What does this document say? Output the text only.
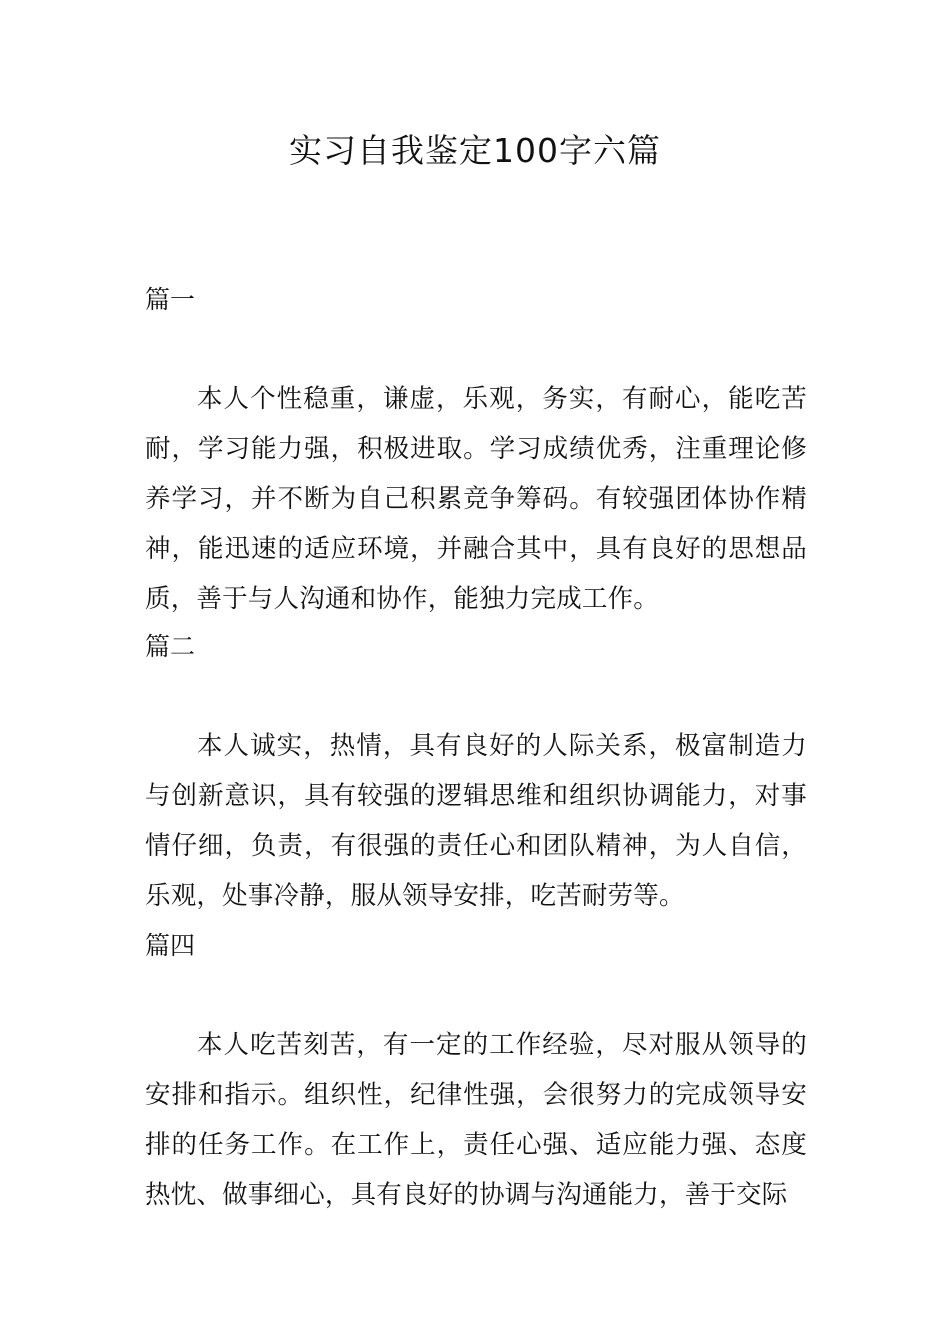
实习自我鉴定100字六篇

篇一

本人个性稳重，谦虚，乐观，务实，有耐心，能吃苦耐，学习能力强，积极进取。学习成绩优秀，注重理论修养学习，并不断为自己积累竞争筹码。有较强团体协作精神，能迅速的适应环境，并融合其中，具有良好的思想品质，善于与人沟通和协作，能独力完成工作。

篇二

本人诚实，热情，具有良好的人际关系，极富制造力与创新意识，具有较强的逻辑思维和组织协调能力，对事情仔细，负责，有很强的责任心和团队精神，为人自信，乐观，处事冷静，服从领导安排，吃苦耐劳等。

篇四

本人吃苦刻苦，有一定的工作经验，尽对服从领导的安排和指示。组织性，纪律性强，会很努力的完成领导安排的任务工作。在工作上，责任心强、适应能力强、态度热忱、做事细心，具有良好的协调与沟通能力，善于交际
